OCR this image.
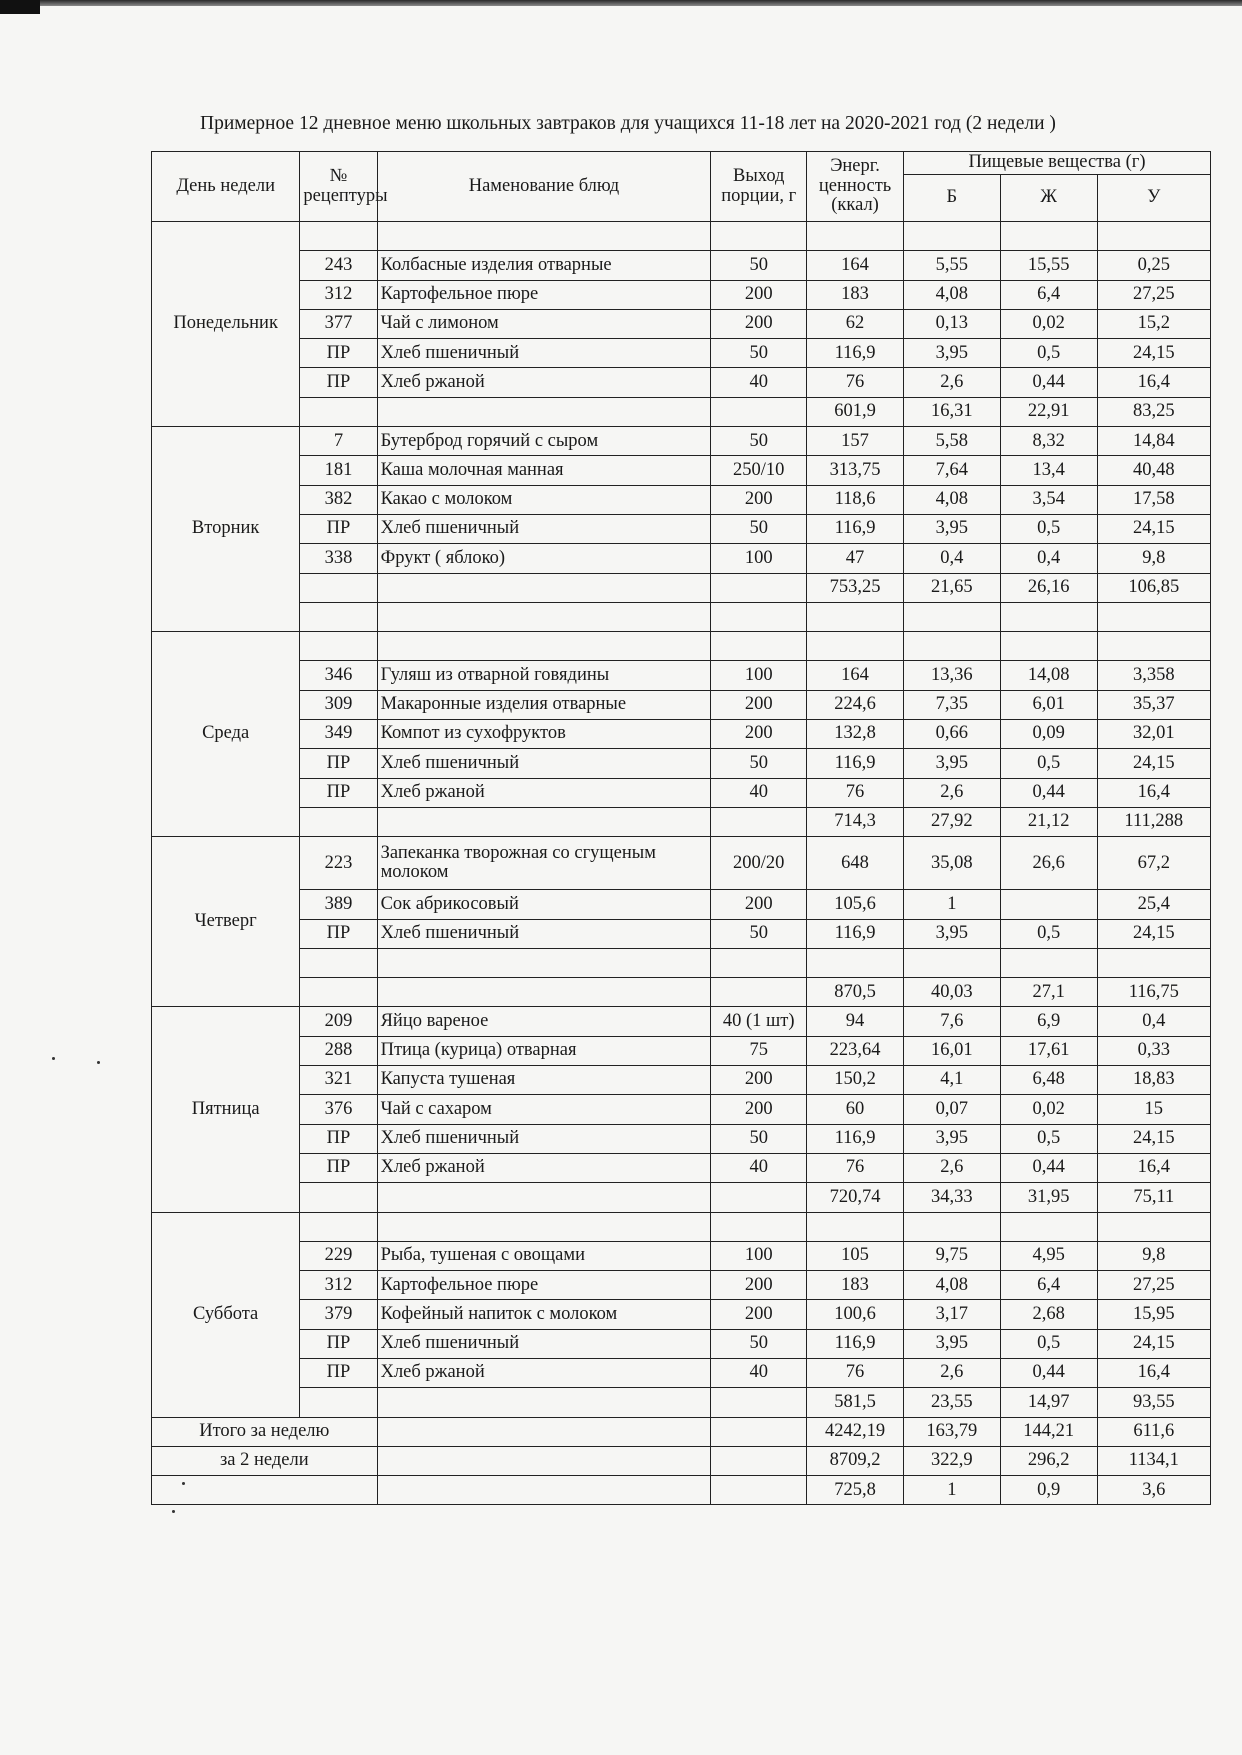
Примерное 12 дневное меню школьных завтраков для учащихся 11-18 лет на 2020-2021 год (2 недели )
День недели	№ рецептуры	Наменование блюд	Выход порции, г	Энерг. ценность (ккал)	Пищевые вещества (г)		
					Б	Ж	У
Понедельник							
	243	Колбасные изделия отварные	50	164	5,55	15,55	0,25
	312	Картофельное пюре	200	183	4,08	6,4	27,25
	377	Чай с лимоном	200	62	0,13	0,02	15,2
	ПР	Хлеб пшеничный	50	116,9	3,95	0,5	24,15
	ПР	Хлеб ржаной	40	76	2,6	0,44	16,4
				601,9	16,31	22,91	83,25
Вторник	7	Бутерброд горячий с сыром	50	157	5,58	8,32	14,84
	181	Каша молочная манная	250/10	313,75	7,64	13,4	40,48
	382	Какао с молоком	200	118,6	4,08	3,54	17,58
	ПР	Хлеб пшеничный	50	116,9	3,95	0,5	24,15
	338	Фрукт ( яблоко)	100	47	0,4	0,4	9,8
				753,25	21,65	26,16	106,85

Среда							
	346	Гуляш из отварной говядины	100	164	13,36	14,08	3,358
	309	Макаронные изделия отварные	200	224,6	7,35	6,01	35,37
	349	Компот из сухофруктов	200	132,8	0,66	0,09	32,01
	ПР	Хлеб пшеничный	50	116,9	3,95	0,5	24,15
	ПР	Хлеб ржаной	40	76	2,6	0,44	16,4
				714,3	27,92	21,12	111,288
Четверг	223	Запеканка творожная со сгущеным молоком	200/20	648	35,08	26,6	67,2
	389	Сок абрикосовый	200	105,6	1		25,4
	ПР	Хлеб пшеничный	50	116,9	3,95	0,5	24,15

				870,5	40,03	27,1	116,75
Пятница	209	Яйцо вареное	40 (1 шт)	94	7,6	6,9	0,4
	288	Птица (курица) отварная	75	223,64	16,01	17,61	0,33
	321	Капуста тушеная	200	150,2	4,1	6,48	18,83
	376	Чай с сахаром	200	60	0,07	0,02	15
	ПР	Хлеб пшеничный	50	116,9	3,95	0,5	24,15
	ПР	Хлеб ржаной	40	76	2,6	0,44	16,4
				720,74	34,33	31,95	75,11
Суббота							
	229	Рыба, тушеная с овощами	100	105	9,75	4,95	9,8
	312	Картофельное пюре	200	183	4,08	6,4	27,25
	379	Кофейный напиток с молоком	200	100,6	3,17	2,68	15,95
	ПР	Хлеб пшеничный	50	116,9	3,95	0,5	24,15
	ПР	Хлеб ржаной	40	76	2,6	0,44	16,4
				581,5	23,55	14,97	93,55
Итого за неделю				4242,19	163,79	144,21	611,6
за 2 недели				8709,2	322,9	296,2	1134,1
				725,8	1	0,9	3,6
